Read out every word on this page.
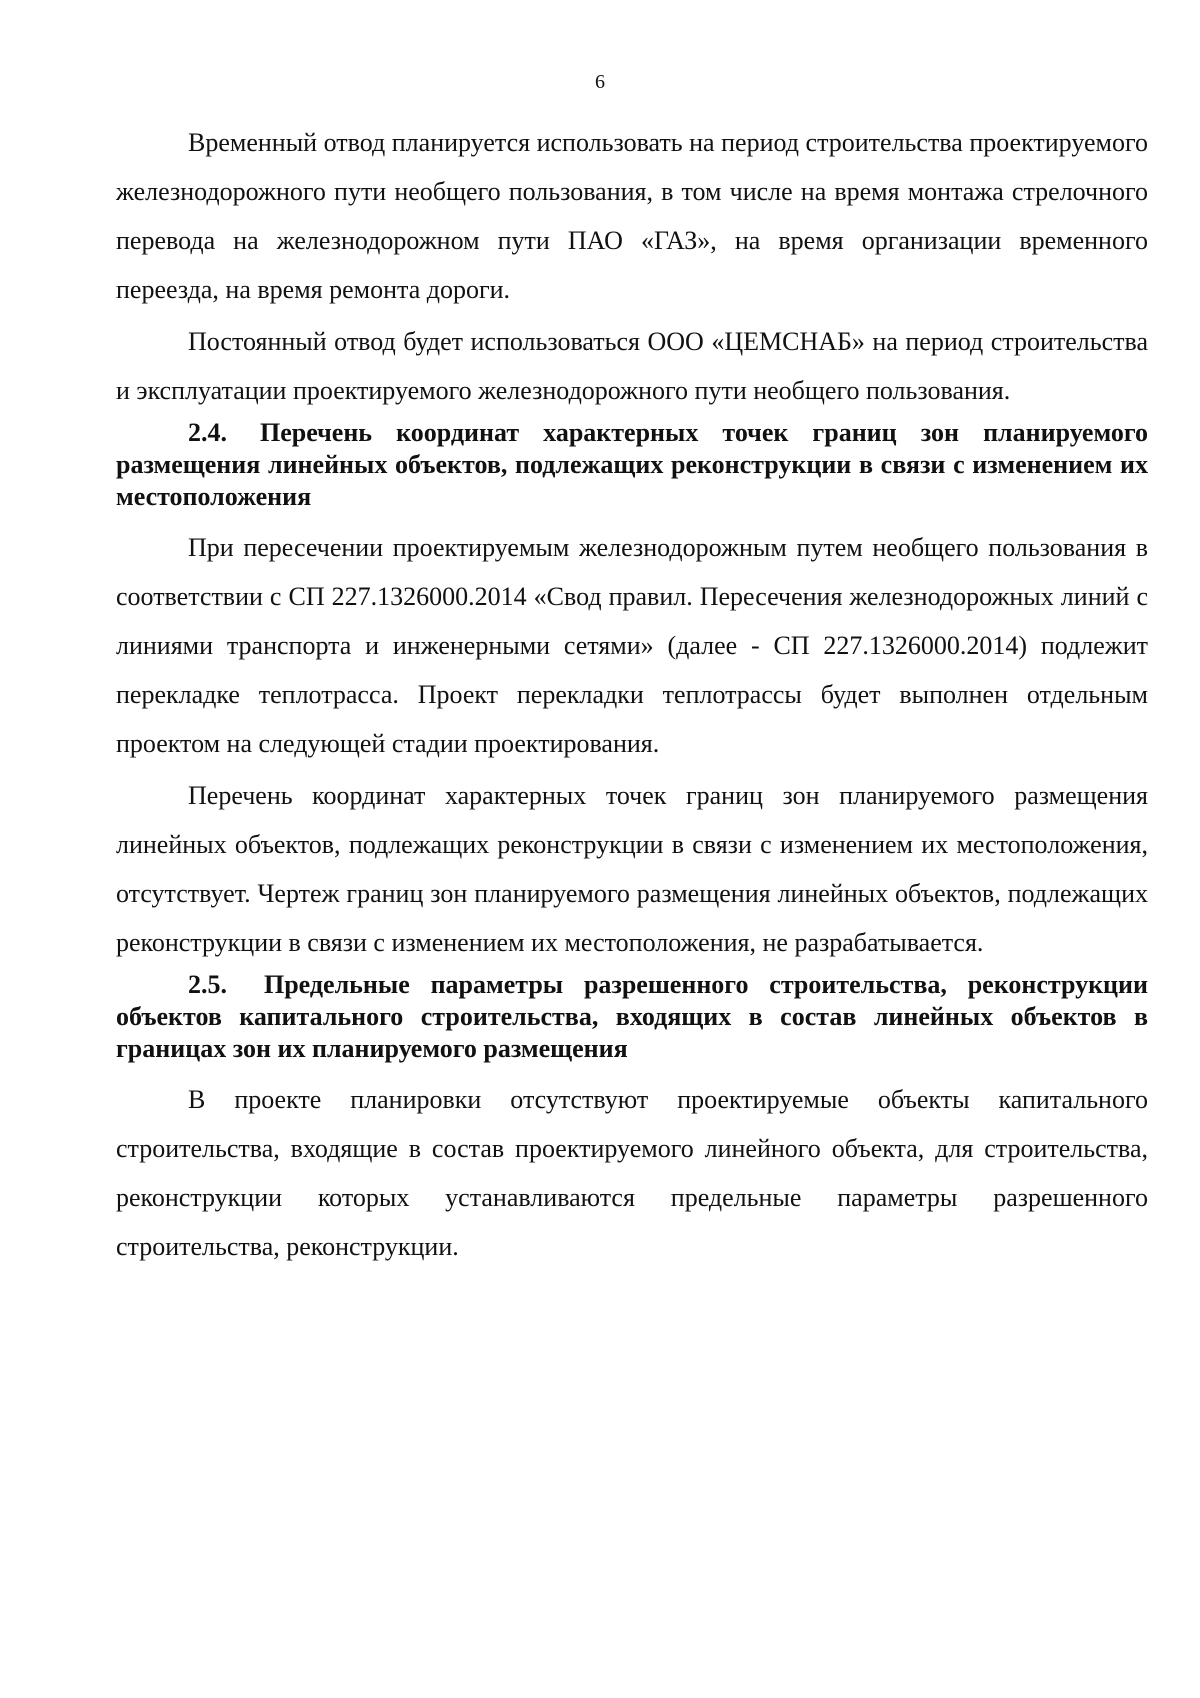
6

Временный отвод планируется использовать на период строительства проектируемого железнодорожного пути необщего пользования, в том числе на время монтажа стрелочного перевода на железнодорожном пути ПАО «ГАЗ», на время организации временного переезда, на время ремонта дороги.

Постоянный отвод будет использоваться ООО «ЦЕМСНАБ» на период строительства и эксплуатации проектируемого железнодорожного пути необщего пользования.

2.4. Перечень координат характерных точек границ зон планируемого размещения линейных объектов, подлежащих реконструкции в связи с изменением их местоположения

При пересечении проектируемым железнодорожным путем необщего пользования в соответствии с СП 227.1326000.2014 «Свод правил. Пересечения железнодорожных линий с линиями транспорта и инженерными сетями» (далее - СП 227.1326000.2014) подлежит перекладке теплотрасса. Проект перекладки теплотрассы будет выполнен отдельным проектом на следующей стадии проектирования.

Перечень координат характерных точек границ зон планируемого размещения линейных объектов, подлежащих реконструкции в связи с изменением их местоположения, отсутствует. Чертеж границ зон планируемого размещения линейных объектов, подлежащих реконструкции в связи с изменением их местоположения, не разрабатывается.

2.5. Предельные параметры разрешенного строительства, реконструкции объектов капитального строительства, входящих в состав линейных объектов в границах зон их планируемого размещения

В проекте планировки отсутствуют проектируемые объекты капитального строительства, входящие в состав проектируемого линейного объекта, для строительства, реконструкции которых устанавливаются предельные параметры разрешенного строительства, реконструкции.
